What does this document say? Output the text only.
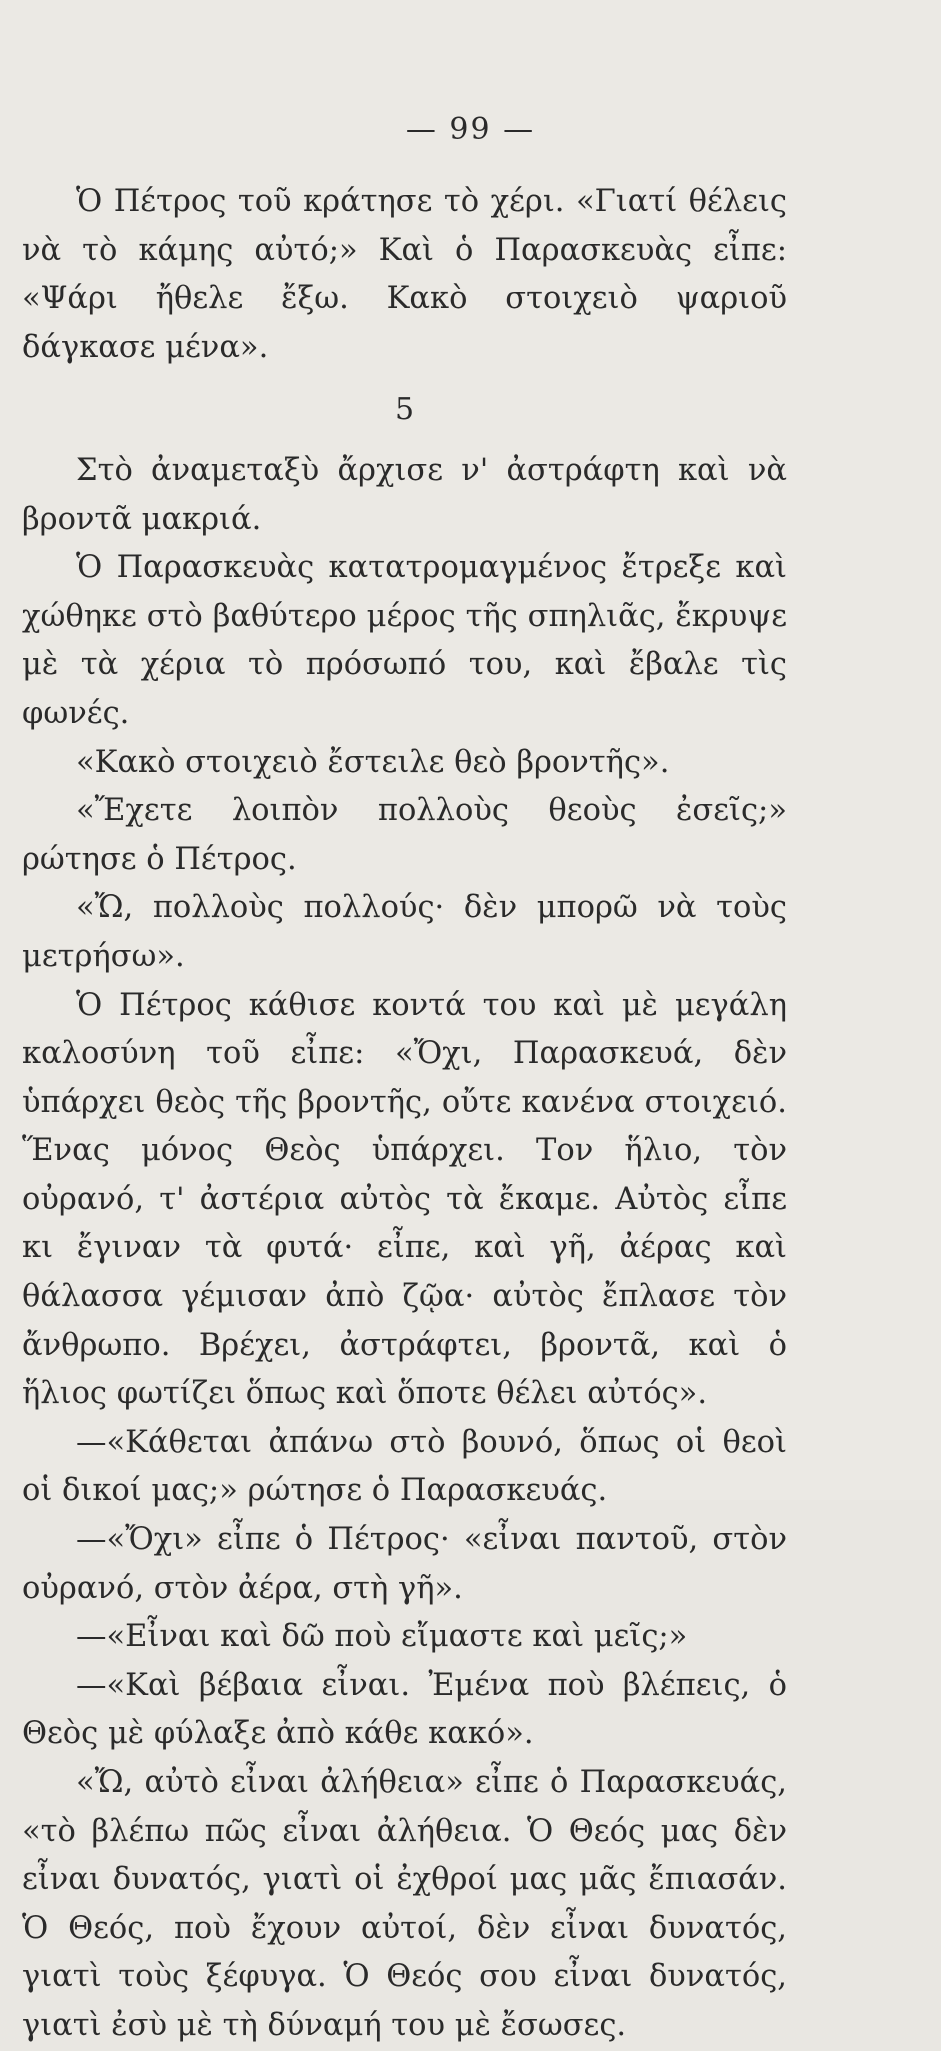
— 99 —

Ὁ Πέτρος τοῦ κράτησε τὸ χέρι. «Γιατί θέλεις νὰ τὸ κάμης αὐτό;» Καὶ ὁ Παρασκευὰς εἶπε: «Ψάρι ἤθελε ἔξω. Κακὸ στοιχειὸ ψαριοῦ δάγκασε μένα».

5

Στὸ ἀναμεταξὺ ἄρχισε ν' ἀστράφτη καὶ νὰ βροντᾶ μακριά.

Ὁ Παρασκευὰς κατατρομαγμένος ἔτρεξε καὶ χώθηκε στὸ βαθύτερο μέρος τῆς σπηλιᾶς, ἔκρυψε μὲ τὰ χέρια τὸ πρόσωπό του, καὶ ἔβαλε τὶς φωνές.

«Κακὸ στοιχειὸ ἔστειλε θεὸ βροντῆς».

«Ἔχετε λοιπὸν πολλοὺς θεοὺς ἐσεῖς;» ρώτησε ὁ Πέτρος.

«Ὤ, πολλοὺς πολλούς· δὲν μπορῶ νὰ τοὺς μετρήσω».

Ὁ Πέτρος κάθισε κοντά του καὶ μὲ μεγάλη καλοσύνη τοῦ εἶπε: «Ὄχι, Παρασκευά, δὲν ὑπάρχει θεὸς τῆς βροντῆς, οὔτε κανένα στοιχειό. Ἕνας μόνος Θεὸς ὑπάρχει. Τον ἥλιο, τὸν οὐρανό, τ' ἀστέρια αὐτὸς τὰ ἔκαμε. Αὐτὸς εἶπε κι ἔγιναν τὰ φυτά· εἶπε, καὶ γῆ, ἀέρας καὶ θάλασσα γέμισαν ἀπὸ ζῷα· αὐτὸς ἔπλασε τὸν ἄνθρωπο. Βρέχει, ἀστράφτει, βροντᾶ, καὶ ὁ ἥλιος φωτίζει ὅπως καὶ ὅποτε θέλει αὐτός».

—«Κάθεται ἀπάνω στὸ βουνό, ὅπως οἱ θεοὶ οἱ δικοί μας;» ρώτησε ὁ Παρασκευάς.

—«Ὄχι» εἶπε ὁ Πέτρος· «εἶναι παντοῦ, στὸν οὐρανό, στὸν ἀέρα, στὴ γῆ».

—«Εἶναι καὶ δῶ ποὺ εἴμαστε καὶ μεῖς;»

—«Καὶ βέβαια εἶναι. Ἐμένα ποὺ βλέπεις, ὁ Θεὸς μὲ φύλαξε ἀπὸ κάθε κακό».

«Ὤ, αὐτὸ εἶναι ἀλήθεια» εἶπε ὁ Παρασκευάς, «τὸ βλέπω πῶς εἶναι ἀλήθεια. Ὁ Θεός μας δὲν εἶναι δυνατός, γιατὶ οἱ ἐχθροί μας μᾶς ἔπιασάν. Ὁ Θεός, ποὺ ἔχουν αὐτοί, δὲν εἶναι δυνατός, γιατὶ τοὺς ξέφυγα. Ὁ Θεός σου εἶναι δυνατός, γιατὶ ἐσὺ μὲ τὴ δύναμή του μὲ ἔσωσες.
